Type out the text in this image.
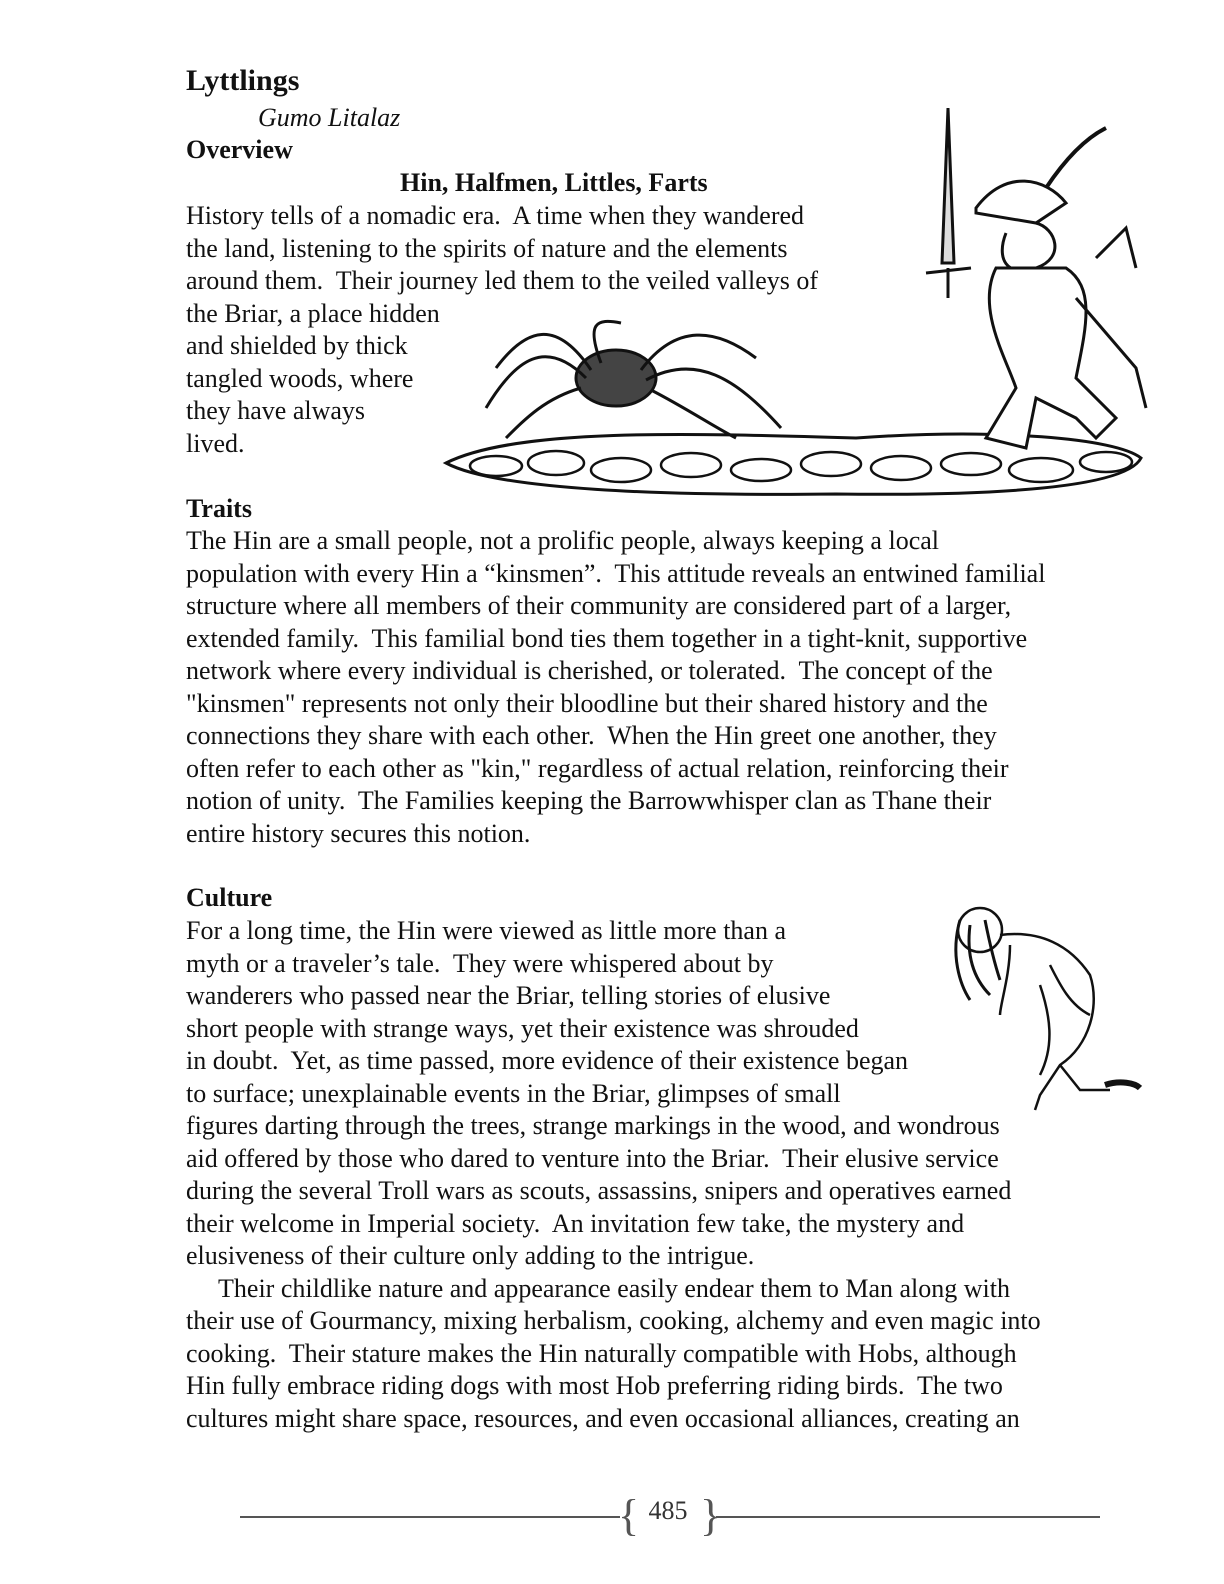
Lyttlings
Gumo Litalaz
Overview
Hin, Halfmen, Littles, Farts
History tells of a nomadic era.  A time when they wandered
the land, listening to the spirits of nature and the elements
around them.  Their journey led them to the veiled valleys of
the Briar, a place hidden
and shielded by thick
tangled woods, where
they have always
lived.
Traits
The Hin are a small people, not a prolific people, always keeping a local
population with every Hin a “kinsmen”.  This attitude reveals an entwined familial
structure where all members of their community are considered part of a larger,
extended family.  This familial bond ties them together in a tight-knit, supportive
network where every individual is cherished, or tolerated.  The concept of the
"kinsmen" represents not only their bloodline but their shared history and the
connections they share with each other.  When the Hin greet one another, they
often refer to each other as "kin," regardless of actual relation, reinforcing their
notion of unity.  The Families keeping the Barrowwhisper clan as Thane their
entire history secures this notion.
Culture
For a long time, the Hin were viewed as little more than a
myth or a traveler’s tale.  They were whispered about by
wanderers who passed near the Briar, telling stories of elusive
short people with strange ways, yet their existence was shrouded
in doubt.  Yet, as time passed, more evidence of their existence began
to surface; unexplainable events in the Briar, glimpses of small
figures darting through the trees, strange markings in the wood, and wondrous
aid offered by those who dared to venture into the Briar.  Their elusive service
during the several Troll wars as scouts, assassins, snipers and operatives earned
their welcome in Imperial society.  An invitation few take, the mystery and
elusiveness of their culture only adding to the intrigue.
Their childlike nature and appearance easily endear them to Man along with
their use of Gourmancy, mixing herbalism, cooking, alchemy and even magic into
cooking.  Their stature makes the Hin naturally compatible with Hobs, although
Hin fully embrace riding dogs with most Hob preferring riding birds.  The two
cultures might share space, resources, and even occasional alliances, creating an
{ }
485
